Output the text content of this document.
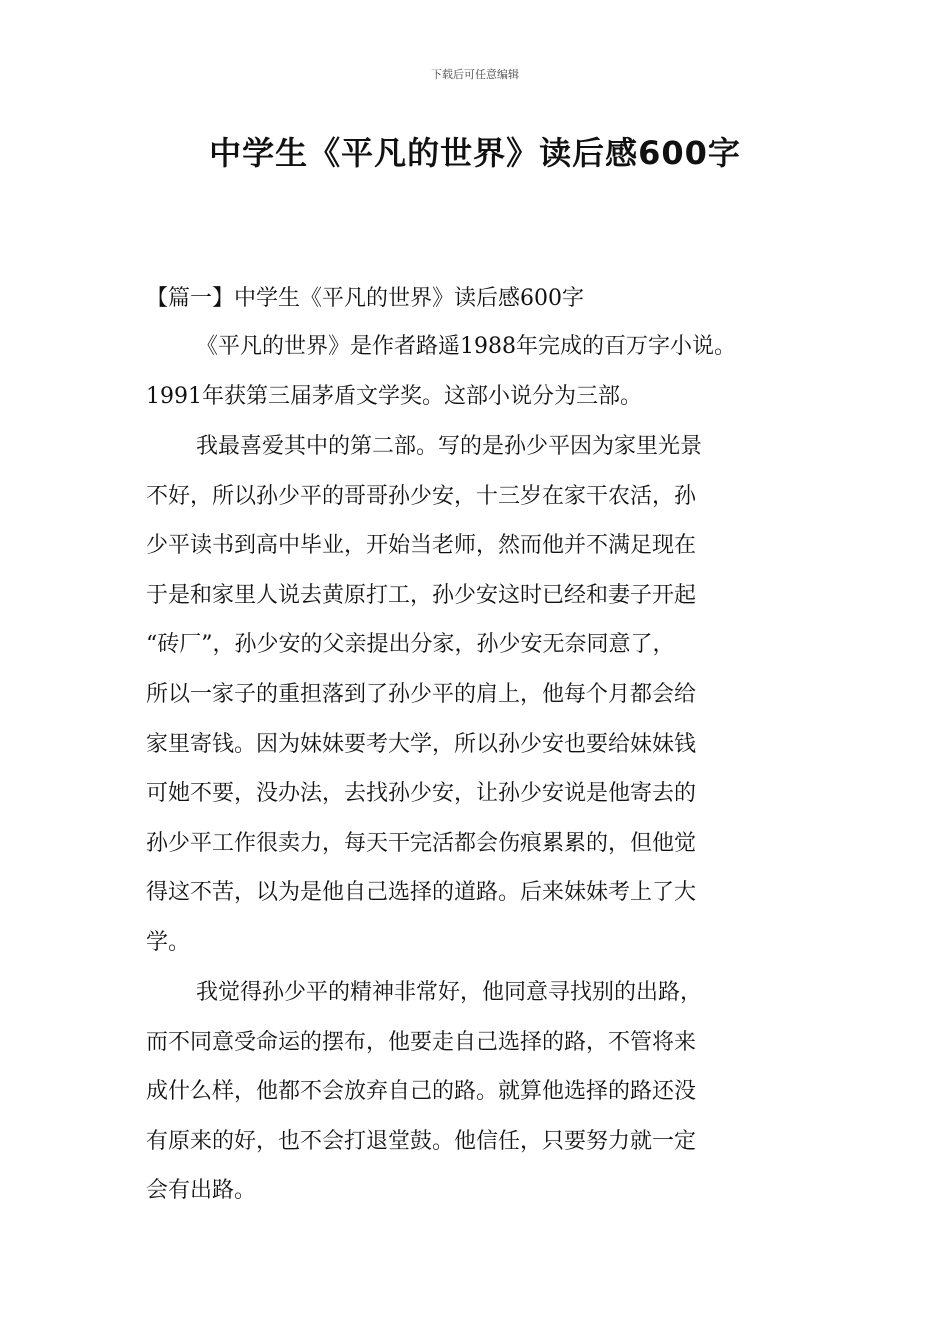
下载后可任意编辑
中学生《平凡的世界》读后感600字
【篇一】中学生《平凡的世界》读后感600字
《平凡的世界》是作者路遥1988年完成的百万字小说。
1991年获第三届茅盾文学奖。这部小说分为三部。
我最喜爱其中的第二部。写的是孙少平因为家里光景
不好，所以孙少平的哥哥孙少安，十三岁在家干农活，孙
少平读书到高中毕业，开始当老师，然而他并不满足现在
于是和家里人说去黄原打工，孙少安这时已经和妻子开起
“砖厂”，孙少安的父亲提出分家，孙少安无奈同意了，
所以一家子的重担落到了孙少平的肩上，他每个月都会给
家里寄钱。因为妹妹要考大学，所以孙少安也要给妹妹钱
可她不要，没办法，去找孙少安，让孙少安说是他寄去的
孙少平工作很卖力，每天干完活都会伤痕累累的，但他觉
得这不苦，以为是他自己选择的道路。后来妹妹考上了大
学。
我觉得孙少平的精神非常好，他同意寻找别的出路，
而不同意受命运的摆布，他要走自己选择的路，不管将来
成什么样，他都不会放弃自己的路。就算他选择的路还没
有原来的好，也不会打退堂鼓。他信任，只要努力就一定
会有出路。
